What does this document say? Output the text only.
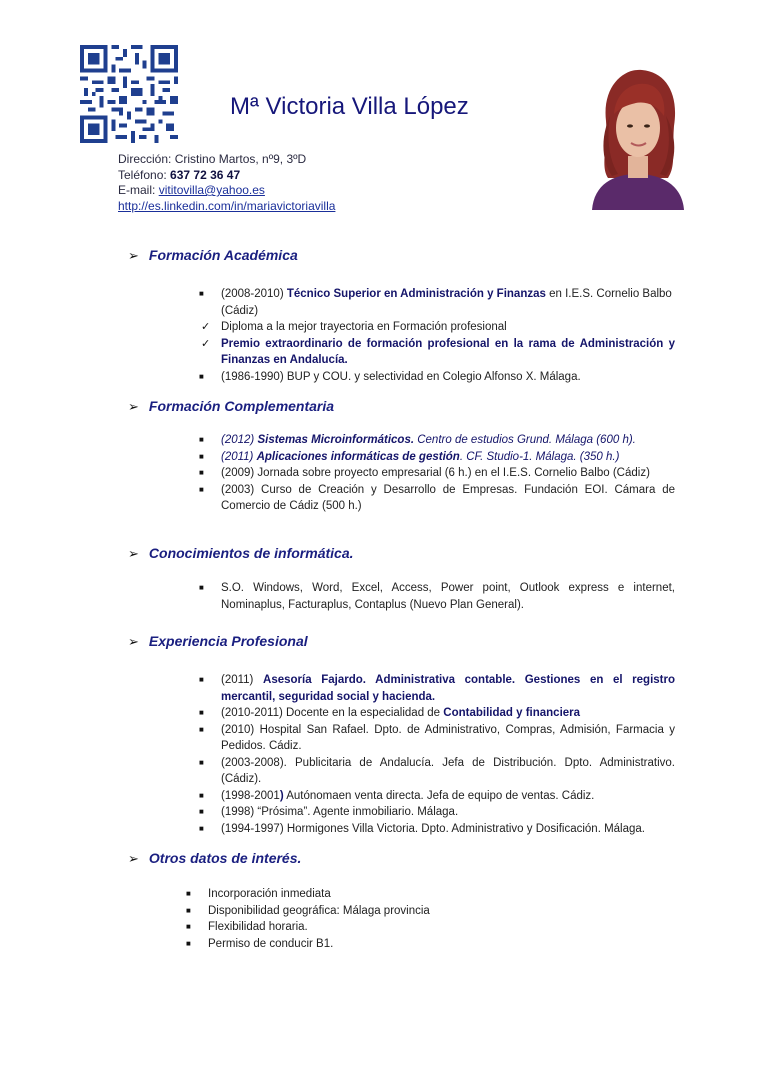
Mª Victoria Villa López
Dirección: Cristino Martos, nº9, 3ºD
Teléfono: 637 72 36 47
E-mail: vititovilla@yahoo.es
http://es.linkedin.com/in/mariavictoriavilla
➢ Formación Académica
■ (2008-2010) Técnico Superior en Administración y Finanzas en I.E.S. Cornelio Balbo (Cádiz)
✓ Diploma a la mejor trayectoria en Formación profesional
✓ Premio extraordinario de formación profesional en la rama de Administración y Finanzas en Andalucía.
■ (1986-1990) BUP y COU. y selectividad en Colegio Alfonso X. Málaga.
➢ Formación Complementaria
■ (2012) Sistemas Microinformáticos. Centro de estudios Grund. Málaga (600 h).
■ (2011) Aplicaciones informáticas de gestión. CF. Studio-1. Málaga. (350 h.)
■ (2009) Jornada sobre proyecto empresarial (6 h.) en el I.E.S. Cornelio Balbo (Cádiz)
■ (2003) Curso de Creación y Desarrollo de Empresas. Fundación EOI. Cámara de Comercio de Cádiz (500 h.)
➢ Conocimientos de informática.
■ S.O. Windows, Word, Excel, Access, Power point, Outlook express e internet, Nominaplus, Facturaplus, Contaplus (Nuevo Plan General).
➢ Experiencia Profesional
■ (2011) Asesoría Fajardo. Administrativa contable. Gestiones en el registro mercantil, seguridad social y hacienda.
■ (2010-2011) Docente en la especialidad de Contabilidad y financiera
■ (2010) Hospital San Rafael. Dpto. de Administrativo, Compras, Admisión, Farmacia y Pedidos. Cádiz.
■ (2003-2008). Publicitaria de Andalucía. Jefa de Distribución. Dpto. Administrativo. (Cádiz).
■ (1998-2001) Autónomaen venta directa. Jefa de equipo de ventas. Cádiz.
■ (1998) “Prósima”. Agente inmobiliario. Málaga.
■ (1994-1997) Hormigones Villa Victoria. Dpto. Administrativo y Dosificación. Málaga.
➢ Otros datos de interés.
■ Incorporación inmediata
■ Disponibilidad geográfica: Málaga provincia
■ Flexibilidad horaria.
■ Permiso de conducir B1.
